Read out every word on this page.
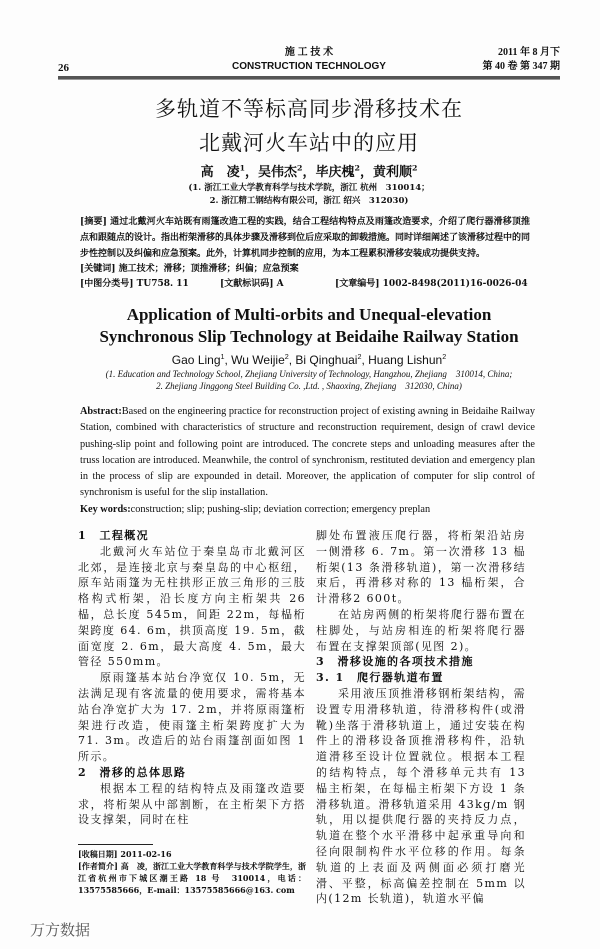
26
施 工 技 术
CONSTRUCTION TECHNOLOGY
2011 年 8 月下
第 40 卷 第 347 期
多轨道不等标高同步滑移技术在
北戴河火车站中的应用
高　凌$^1$，吴伟杰$^2$，毕庆槐$^2$，黄利顺$^2$
(1. 浙江工业大学教育科学与技术学院，浙江 杭州　310014；
2. 浙江精工钢结构有限公司，浙江 绍兴　312030)
[摘要] 通过北戴河火车站既有雨篷改造工程的实践，结合工程结构特点及雨篷改造要求，介绍了爬行器滑移顶推点和跟随点的设计。指出桁架滑移的具体步骤及滑移到位后应采取的卸载措施。同时详细阐述了该滑移过程中的同步性控制以及纠偏和应急预案。此外，计算机同步控制的应用，为本工程累积滑移安装成功提供支持。
[关键词] 施工技术；滑移；顶推滑移；纠偏；应急预案
[中图分类号] TU758. 11	[文献标识码] A	[文章编号] 1002-8498(2011)16-0026-04
Application of Multi-orbits and Unequal-elevation
Synchronous Slip Technology at Beidaihe Railway Station
Gao Ling$^1$, Wu Weijie$^2$, Bi Qinghuai$^2$, Huang Lishun$^2$
(1. Education and Technology School, Zhejiang University of Technology, Hangzhou, Zhejiang　310014, China;
2. Zhejiang Jinggong Steel Building Co. ,Ltd. , Shaoxing, Zhejiang　312030, China)
Abstract:Based on the engineering practice for reconstruction project of existing awning in Beidaihe Railway Station, combined with characteristics of structure and reconstruction requirement, design of crawl device pushing-slip point and following point are introduced. The concrete steps and unloading measures after the truss location are introduced. Meanwhile, the control of synchronism, restituted deviation and emergency plan in the process of slip are expounded in detail. Moreover, the application of computer for slip control of synchronism is useful for the slip installation.
Key words:construction; slip; pushing-slip; deviation correction; emergency preplan
1　工程概况

北戴河火车站位于秦皇岛市北戴河区北郊，是连接北京与秦皇岛的中心枢纽，原车站雨篷为无柱拱形正放三角形的三肢格构式桁架，沿长度方向主桁架共 26 榀，总长度 545m，间距 22m，每榀桁架跨度 64. 6m，拱顶高度 19. 5m，截面宽度 2. 6m，最大高度 4. 5m，最大管径 550mm。

原雨篷基本站台净宽仅 10. 5m，无法满足现有客流量的使用要求，需将基本站台净宽扩大为 17. 2m，并将原雨篷桁架进行改造，使雨篷主桁架跨度扩大为 71. 3m。改造后的站台雨篷剖面如图 1 所示。

2　滑移的总体思路

根据本工程的结构特点及雨篷改造要求，将桁架从中部割断，在主桁架下方搭设支撑架，同时在柱

[收稿日期] 2011-02-16
[作者简介] 高　凌，浙江工业大学教育科学与技术学院学生，浙江省杭州市下城区潮王路 18 号　310014，电话：13575585666，E-mail：13575585666@163. com

脚处布置液压爬行器，将桁架沿站房一侧滑移 6. 7m。第一次滑移 13 榀桁架(13 条滑移轨道)，第一次滑移结束后，再滑移对称的 13 榀桁架，合计滑移2 600t。

在站房两侧的桁架将爬行器布置在柱脚处，与站房相连的桁架将爬行器布置在支撑架顶部(见图 2)。

3　滑移设施的各项技术措施
3. 1　爬行器轨道布置

采用液压顶推滑移钢桁架结构，需设置专用滑移轨道，待滑移构件(或滑靴)坐落于滑移轨道上，通过安装在构件上的滑移设备顶推滑移构件，沿轨道滑移至设计位置就位。根据本工程的结构特点，每个滑移单元共有 13 榀主桁架，在每榀主桁架下方设 1 条滑移轨道。滑移轨道采用 43kg/m 钢轨，用以提供爬行器的夹持反力点，轨道在整个水平滑移中起承重导向和径向限制构件水平位移的作用。每条轨道的上表面及两侧面必须打磨光滑、平整，标高偏差控制在 5mm 以内(12m 长轨道)，轨道水平偏

万方数据
